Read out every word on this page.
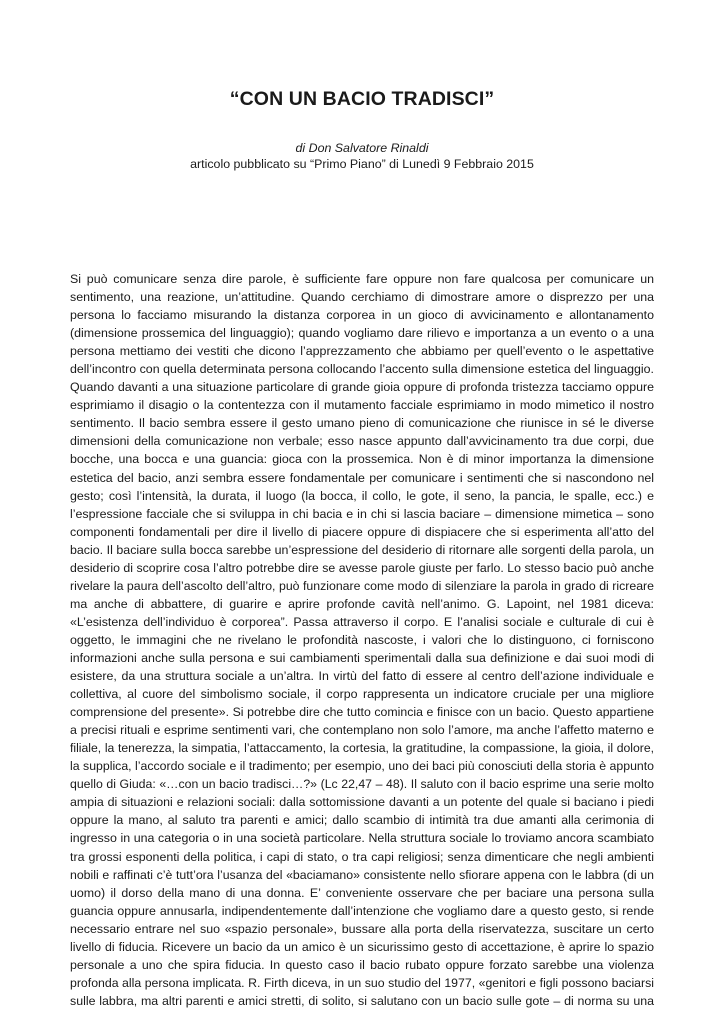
“CON UN BACIO TRADISCI”

di Don Salvatore Rinaldi

articolo pubblicato su “Primo Piano” di Lunedì 9 Febbraio 2015

Si può comunicare senza dire parole, è sufficiente fare oppure non fare qualcosa per comunicare un
sentimento, una reazione, un’attitudine. Quando cerchiamo di dimostrare amore o disprezzo per una
persona lo facciamo misurando la distanza corporea in un gioco di avvicinamento e allontanamento
(dimensione prossemica del linguaggio); quando vogliamo dare rilievo e importanza a un evento o a una
persona mettiamo dei vestiti che dicono l’apprezzamento che abbiamo per quell’evento o le aspettative
dell’incontro con quella determinata persona collocando l’accento sulla dimensione estetica del linguaggio.
Quando davanti a una situazione particolare di grande gioia oppure di profonda tristezza tacciamo oppure
esprimiamo il disagio o la contentezza con il mutamento facciale esprimiamo in modo mimetico il nostro
sentimento. Il bacio sembra essere il gesto umano pieno di comunicazione che riunisce in sé le diverse
dimensioni della comunicazione non verbale; esso nasce appunto dall’avvicinamento tra due corpi, due
bocche, una bocca e una guancia: gioca con la prossemica. Non è di minor importanza la dimensione
estetica del bacio, anzi sembra essere fondamentale per comunicare i sentimenti che si nascondono nel
gesto; così l’intensità, la durata, il luogo (la bocca, il collo, le gote, il seno, la pancia, le spalle, ecc.) e
l’espressione facciale che si sviluppa in chi bacia e in chi si lascia baciare – dimensione mimetica – sono
componenti fondamentali per dire il livello di piacere oppure di dispiacere che si esperimenta all’atto del
bacio. Il baciare sulla bocca sarebbe un’espressione del desiderio di ritornare alle sorgenti della parola, un
desiderio di scoprire cosa l’altro potrebbe dire se avesse parole giuste per farlo. Lo stesso bacio può anche
rivelare la paura dell’ascolto dell’altro, può funzionare come modo di silenziare la parola in grado di ricreare
ma anche di abbattere, di guarire e aprire profonde cavità nell’animo. G. Lapoint, nel 1981 diceva:
«L’esistenza dell’individuo è corporea”. Passa attraverso il corpo. E l’analisi sociale e culturale di cui è
oggetto, le immagini che ne rivelano le profondità nascoste, i valori che lo distinguono, ci forniscono
informazioni anche sulla persona e sui cambiamenti sperimentali dalla sua definizione e dai suoi modi di
esistere, da una struttura sociale a un’altra. In virtù del fatto di essere al centro dell’azione individuale e
collettiva, al cuore del simbolismo sociale, il corpo rappresenta un indicatore cruciale per una migliore
comprensione del presente». Si potrebbe dire che tutto comincia e finisce con un bacio. Questo appartiene
a precisi rituali e esprime sentimenti vari, che contemplano non solo l’amore, ma anche l’affetto materno e
filiale, la tenerezza, la simpatia, l’attaccamento, la cortesia, la gratitudine, la compassione, la gioia, il dolore,
la supplica, l’accordo sociale e il tradimento; per esempio, uno dei baci più conosciuti della storia è appunto
quello di Giuda: «…con un bacio tradisci…?» (Lc 22,47 – 48). Il saluto con il bacio esprime una serie molto
ampia di situazioni e relazioni sociali: dalla sottomissione davanti a un potente del quale si baciano i piedi
oppure la mano, al saluto tra parenti e amici; dallo scambio di intimità tra due amanti alla cerimonia di
ingresso in una categoria o in una società particolare. Nella struttura sociale lo troviamo ancora scambiato
tra grossi esponenti della politica, i capi di stato, o tra capi religiosi; senza dimenticare che negli ambienti
nobili e raffinati c’è tutt’ora l’usanza del «baciamano» consistente nello sfiorare appena con le labbra (di un
uomo) il dorso della mano di una donna. E’ conveniente osservare che per baciare una persona sulla
guancia oppure annusarla, indipendentemente dall’intenzione che vogliamo dare a questo gesto, si rende
necessario entrare nel suo «spazio personale», bussare alla porta della riservatezza, suscitare un certo
livello di fiducia. Ricevere un bacio da un amico è un sicurissimo gesto di accettazione, è aprire lo spazio
personale a uno che spira fiducia. In questo caso il bacio rubato oppure forzato sarebbe una violenza
profonda alla persona implicata. R. Firth diceva, in un suo studio del 1977, «genitori e figli possono baciarsi
sulle labbra, ma altri parenti e amici stretti, di solito, si salutano con un bacio sulle gote – di norma su una
